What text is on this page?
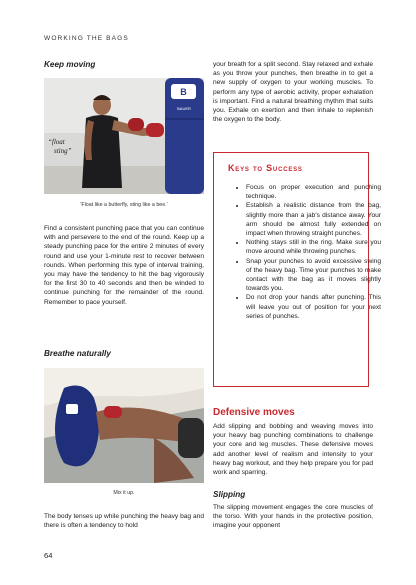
WORKING THE BAGS
Keep moving
“float
sting”
B
BAUER
'Float like a butterfly, sting like a bee.'

Find a consistent punching pace that you can continue with and persevere to the end of the round. Keep up a steady punching pace for the entire 2 minutes of every round and use your 1-minute rest to recover between rounds. When performing this type of interval training, you may have the tendency to hit the bag vigorously for the first 30 to 40 seconds and then be winded to continue punching for the remainder of the round. Remember to pace yourself.

Breathe naturally
Mix it up.

The body tenses up while punching the heavy bag and there is often a tendency to hold

your breath for a split second. Stay relaxed and exhale as you throw your punches, then breathe in to get a new supply of oxygen to your working muscles. To perform any type of aerobic activity, proper exhalation is important. Find a natural breathing rhythm that suits you. Exhale on exertion and then inhale to replenish the oxygen to the body.

Keys to Success
• Focus on proper execution and punching technique.
• Establish a realistic distance from the bag, slightly more than a jab's distance away. Your arm should be almost fully extended on impact when throwing straight punches.
• Nothing stays still in the ring. Make sure you move around while throwing punches.
• Snap your punches to avoid excessive swing of the heavy bag. Time your punches to make contact with the bag as it moves slightly towards you.
• Do not drop your hands after punching. This will leave you out of position for your next series of punches.
Defensive moves

Add slipping and bobbing and weaving moves into your heavy bag punching combinations to challenge your core and leg muscles. These defensive moves add another level of realism and intensity to your heavy bag workout, and they help prepare you for pad work and sparring.

Slipping

The slipping movement engages the core muscles of the torso. With your hands in the protective position, imagine your opponent

64
